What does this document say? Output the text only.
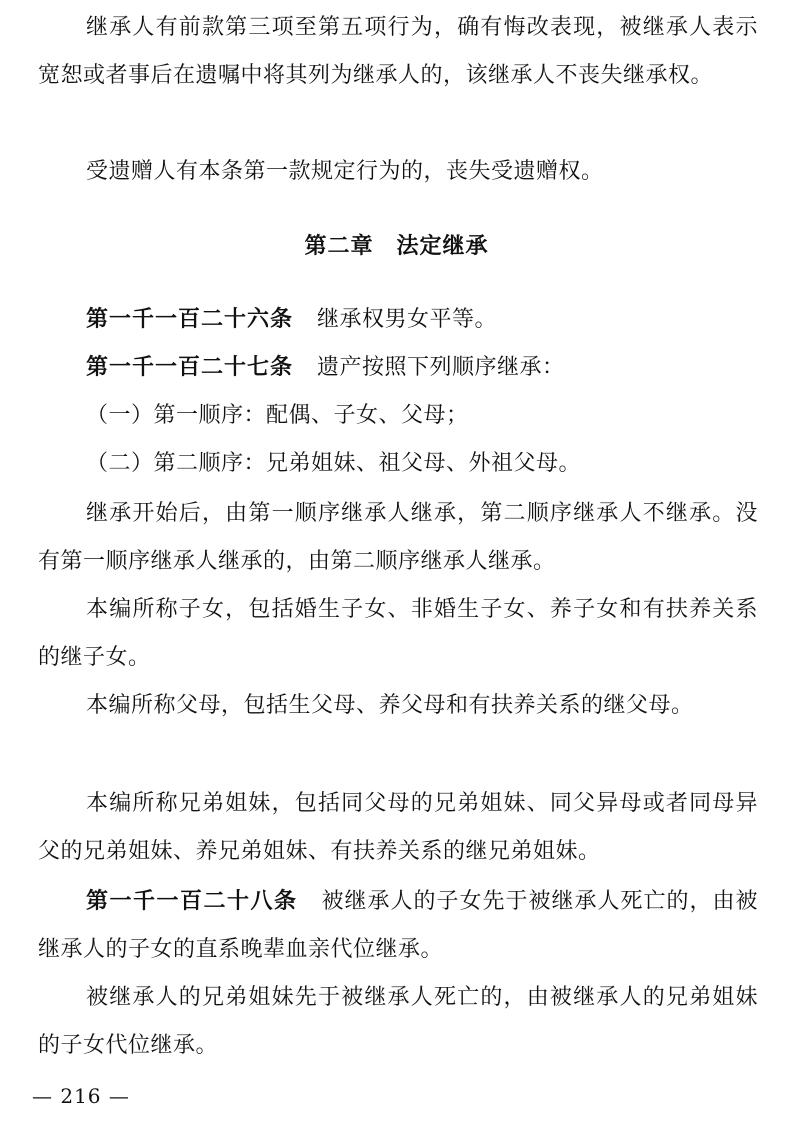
继承人有前款第三项至第五项行为，确有悔改表现，被继承人表示宽恕或者事后在遗嘱中将其列为继承人的，该继承人不丧失继承权。

受遗赠人有本条第一款规定行为的，丧失受遗赠权。

第二章　法定继承

第一千一百二十六条 继承权男女平等。

第一千一百二十七条 遗产按照下列顺序继承：

（一）第一顺序：配偶、子女、父母；

（二）第二顺序：兄弟姐妹、祖父母、外祖父母。

继承开始后，由第一顺序继承人继承，第二顺序继承人不继承。没有第一顺序继承人继承的，由第二顺序继承人继承。

本编所称子女，包括婚生子女、非婚生子女、养子女和有扶养关系的继子女。

本编所称父母，包括生父母、养父母和有扶养关系的继父母。

本编所称兄弟姐妹，包括同父母的兄弟姐妹、同父异母或者同母异父的兄弟姐妹、养兄弟姐妹、有扶养关系的继兄弟姐妹。

第一千一百二十八条 被继承人的子女先于被继承人死亡的，由被继承人的子女的直系晚辈血亲代位继承。

被继承人的兄弟姐妹先于被继承人死亡的，由被继承人的兄弟姐妹的子女代位继承。

— 216 —
